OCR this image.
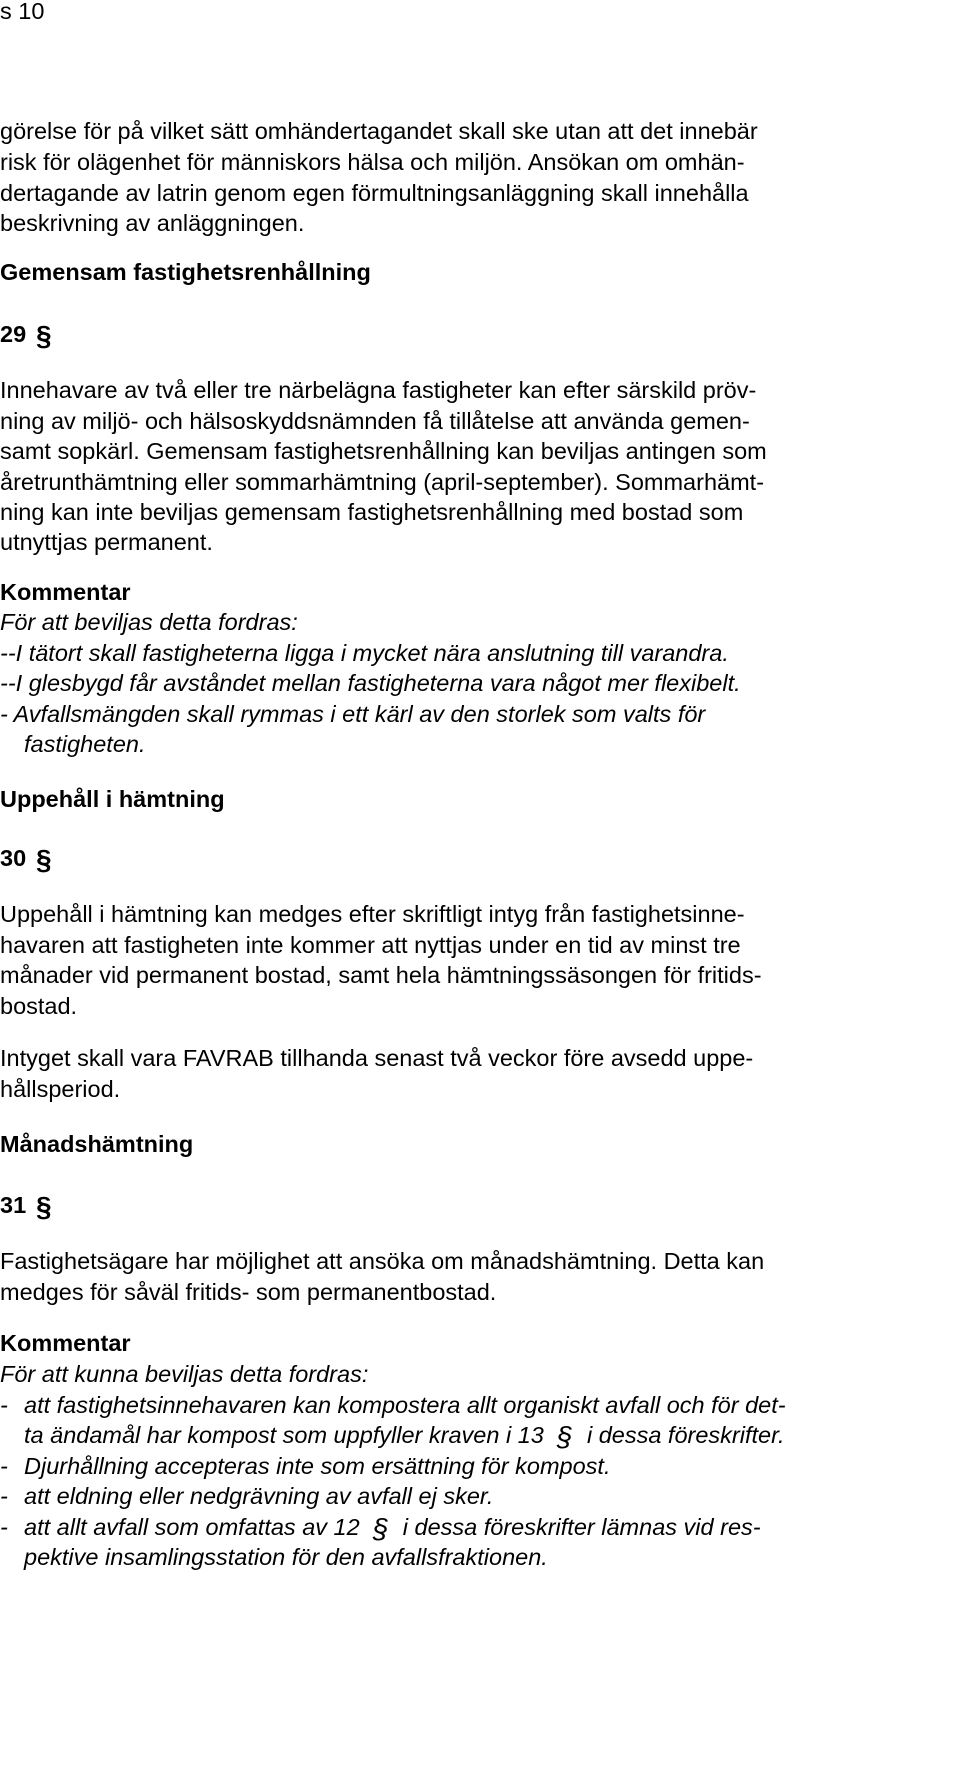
s 10
görelse för på vilket sätt omhändertagandet skall ske utan att det innebär
risk för olägenhet för människors hälsa och miljön. Ansökan om omhän-
dertagande av latrin genom egen förmultningsanläggning skall innehålla
beskrivning av anläggningen.
Gemensam fastighetsrenhållning
29 §
Innehavare av två eller tre närbelägna fastigheter kan efter särskild pröv-
ning av miljö- och hälsoskyddsnämnden få tillåtelse att använda gemen-
samt sopkärl. Gemensam fastighetsrenhållning kan beviljas antingen som
åretrunthämtning eller sommarhämtning (april-september). Sommarhämt-
ning kan inte beviljas gemensam fastighetsrenhållning med bostad som
utnyttjas permanent.
Kommentar
För att beviljas detta fordras:
--I tätort skall fastigheterna ligga i mycket nära anslutning till varandra.
--I glesbygd får avståndet mellan fastigheterna vara något mer flexibelt.
- Avfallsmängden skall rymmas i ett kärl av den storlek som valts för
fastigheten.
Uppehåll i hämtning
30 §
Uppehåll i hämtning kan medges efter skriftligt intyg från fastighetsinne-
havaren att fastigheten inte kommer att nyttjas under en tid av minst tre
månader vid permanent bostad, samt hela hämtningssäsongen för fritids-
bostad.
Intyget skall vara FAVRAB tillhanda senast två veckor före avsedd uppe-
hållsperiod.
Månadshämtning
31 §
Fastighetsägare har möjlighet att ansöka om månadshämtning. Detta kan
medges för såväl fritids- som permanentbostad.
Kommentar
För att kunna beviljas detta fordras:
- att fastighetsinnehavaren kan kompostera allt organiskt avfall och för det-
ta ändamål har kompost som uppfyller kraven i 13 § i dessa föreskrifter.
- Djurhållning accepteras inte som ersättning för kompost.
- att eldning eller nedgrävning av avfall ej sker.
- att allt avfall som omfattas av 12 § i dessa föreskrifter lämnas vid res-
pektive insamlingsstation för den avfallsfraktionen.
